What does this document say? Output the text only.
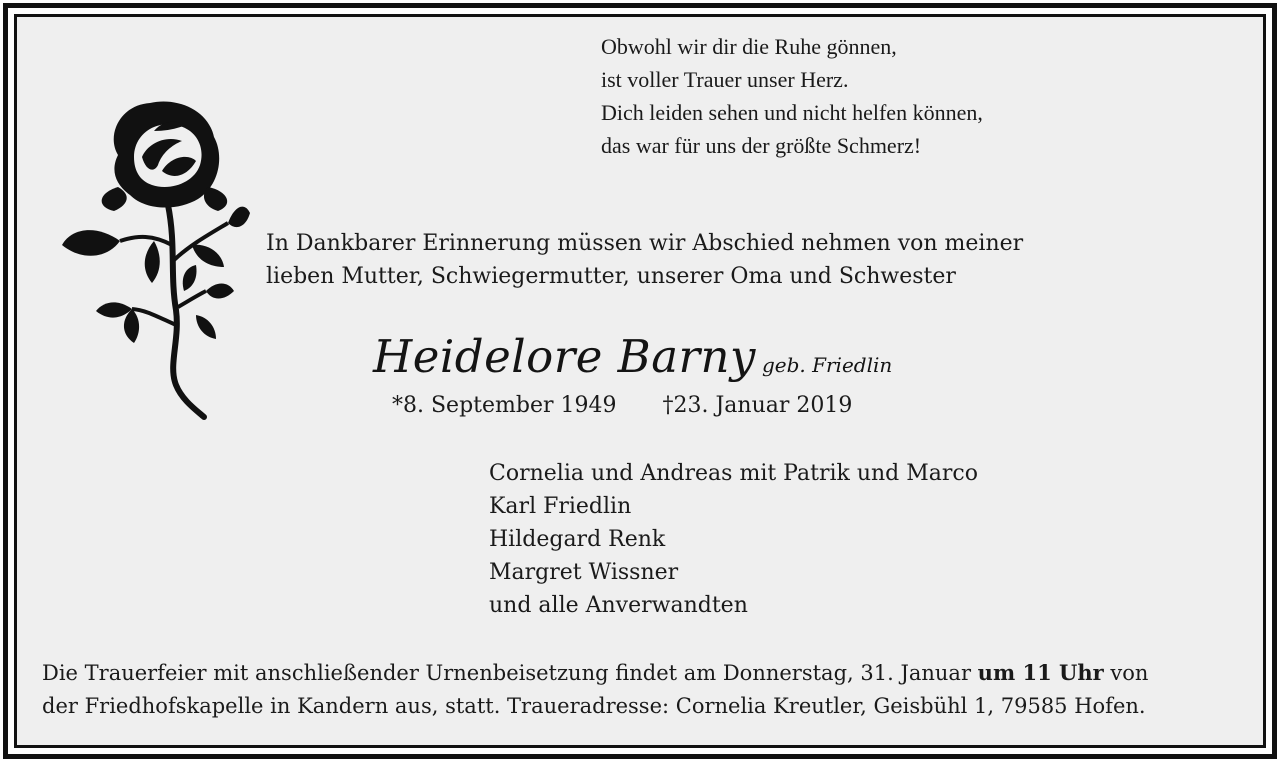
Obwohl wir dir die Ruhe gönnen,
ist voller Trauer unser Herz.
Dich leiden sehen und nicht helfen können,
das war für uns der größte Schmerz!
In Dankbarer Erinnerung müssen wir Abschied nehmen von meiner
lieben Mutter, Schwiegermutter, unserer Oma und Schwester
Heidelore Barny geb. Friedlin
*8. September 1949 †23. Januar 2019
Cornelia und Andreas mit Patrik und Marco
Karl Friedlin
Hildegard Renk
Margret Wissner
und alle Anverwandten
Die Trauerfeier mit anschließender Urnenbeisetzung findet am Donnerstag, 31. Januar um 11 Uhr von
der Friedhofskapelle in Kandern aus, statt. Traueradresse: Cornelia Kreutler, Geisbühl 1, 79585 Hofen.
